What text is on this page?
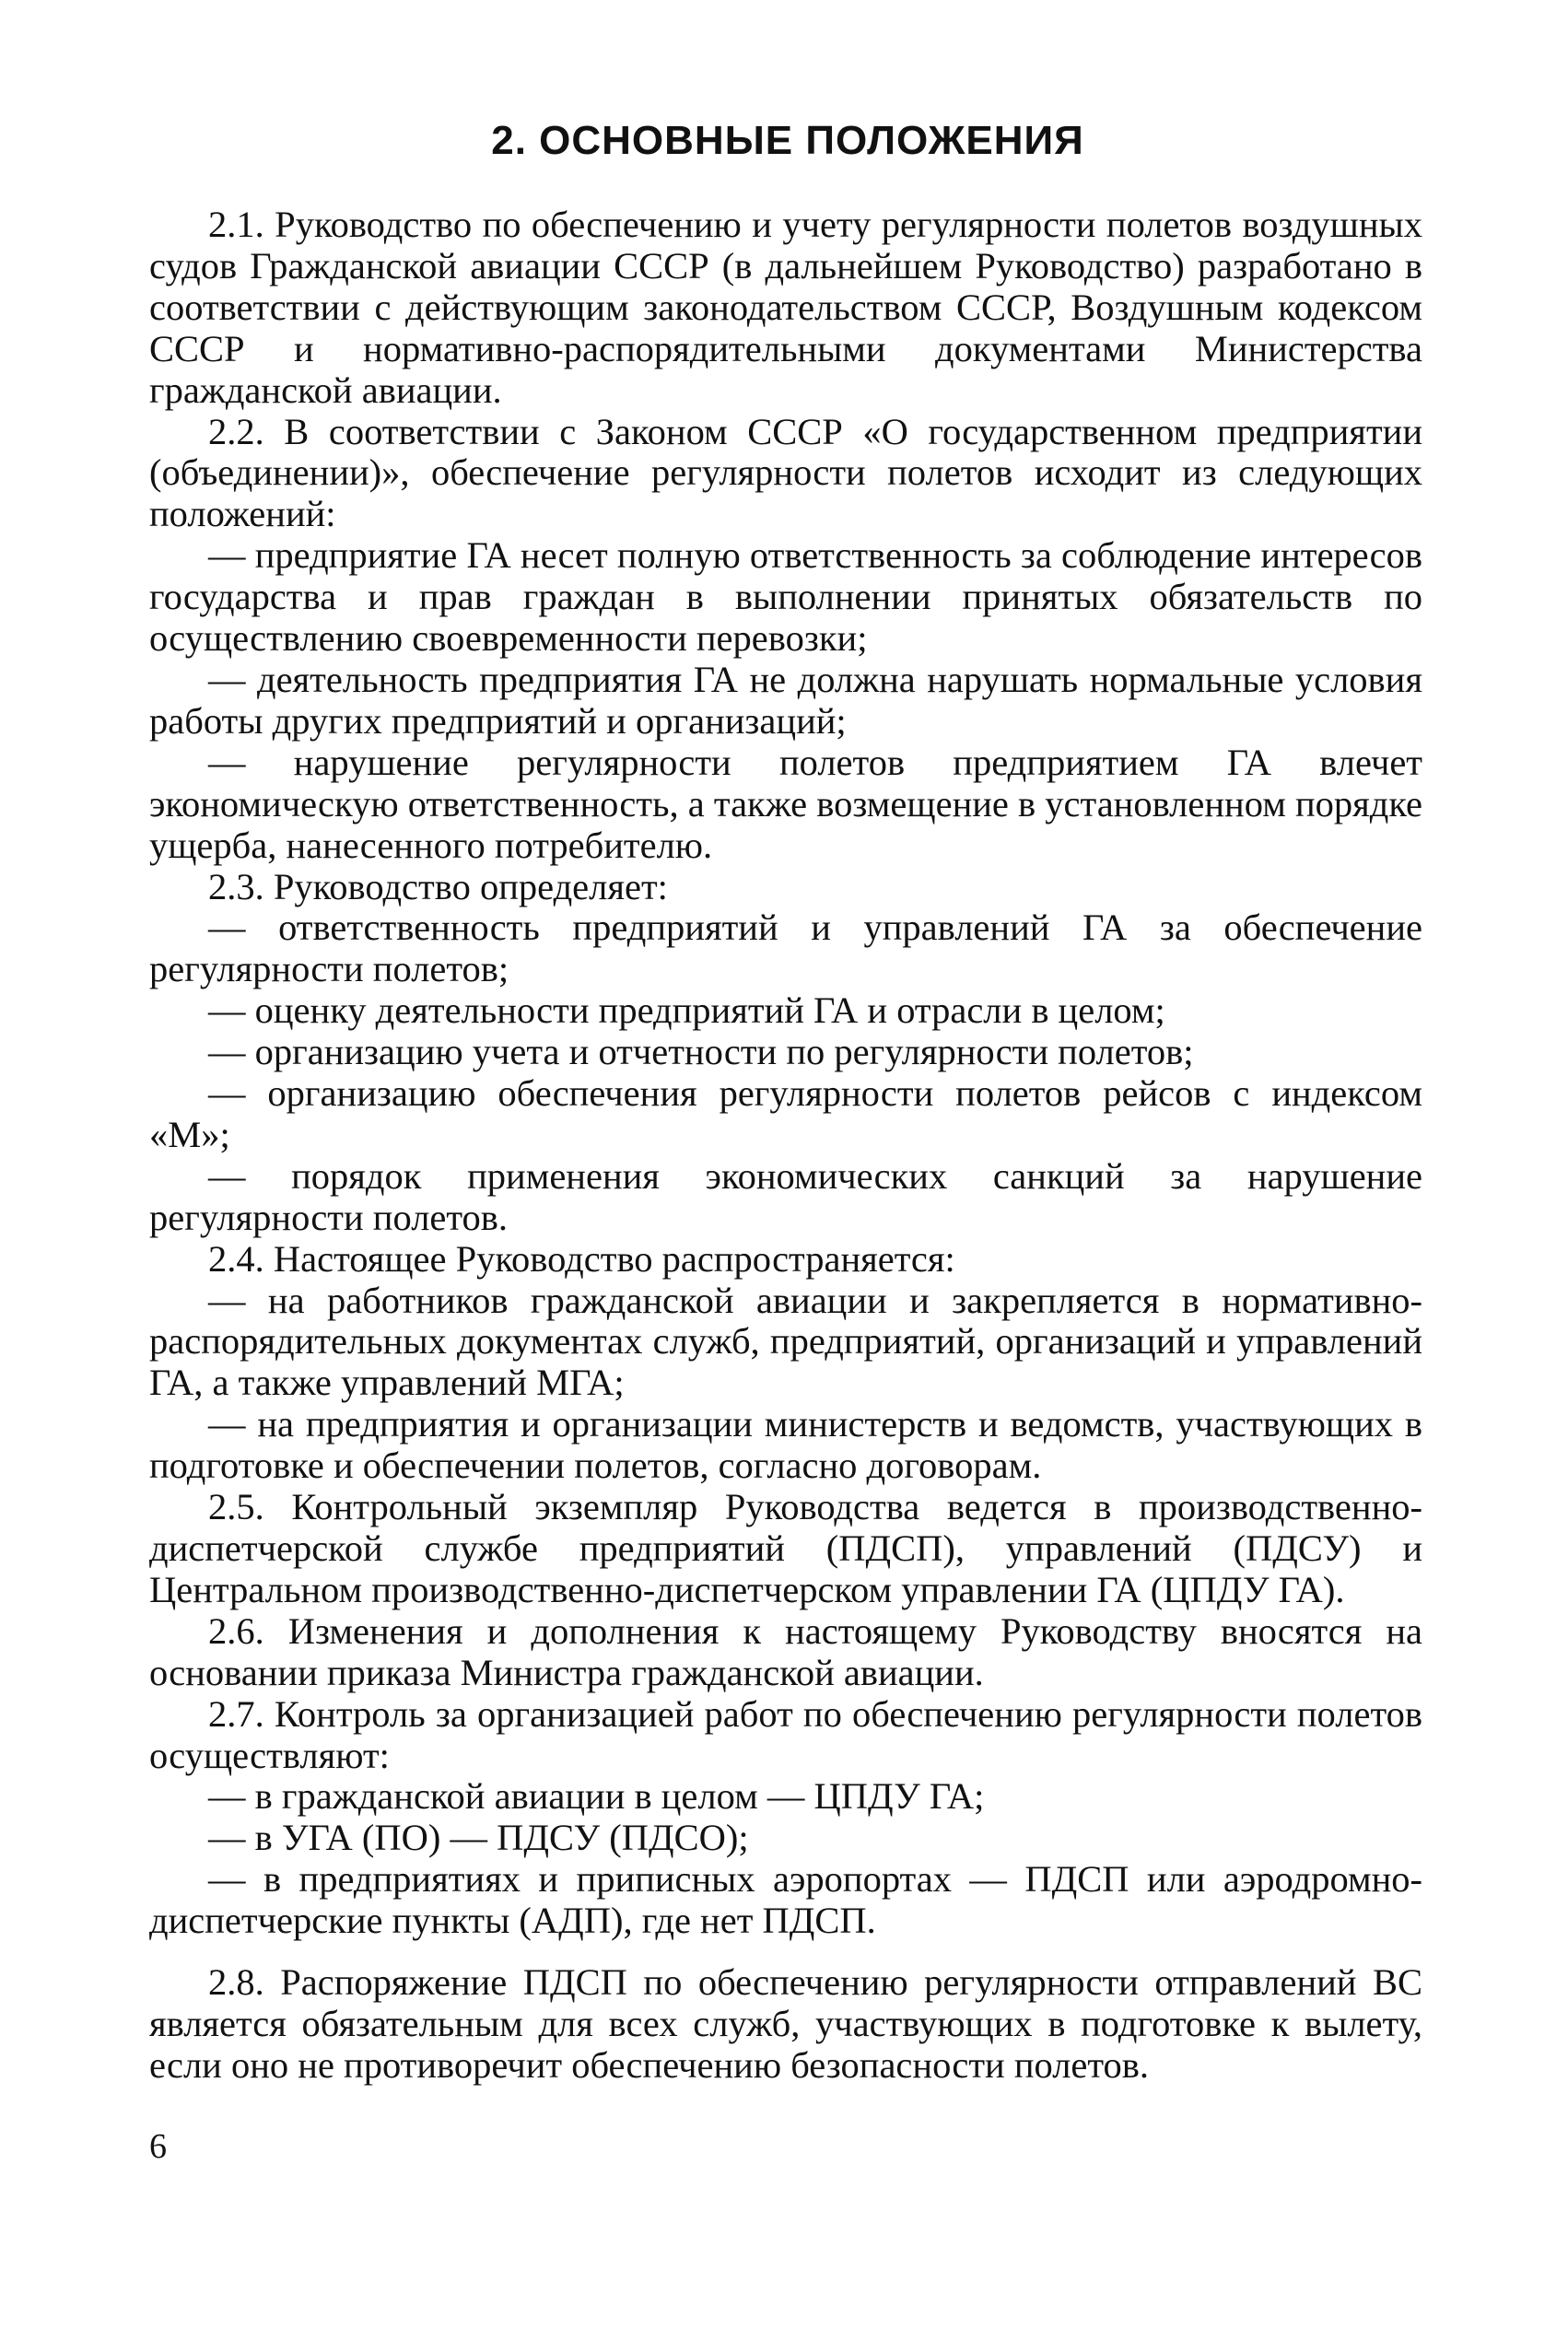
2. ОСНОВНЫЕ ПОЛОЖЕНИЯ

2.1. Руководство по обеспечению и учету регулярности полетов воздушных судов Гражданской авиации СССР (в дальнейшем Руководство) разработано в соответствии с действующим законодательством СССР, Воздушным кодексом СССР и нормативно-распорядительными документами Министерства гражданской авиации.

2.2. В соответствии с Законом СССР «О государственном предприятии (объединении)», обеспечение регулярности полетов исходит из следующих положений:

— предприятие ГА несет полную ответственность за соблюдение интересов государства и прав граждан в выполнении принятых обязательств по осуществлению своевременности перевозки;

— деятельность предприятия ГА не должна нарушать нормальные условия работы других предприятий и организаций;

— нарушение регулярности полетов предприятием ГА влечет экономическую ответственность, а также возмещение в установленном порядке ущерба, нанесенного потребителю.

2.3. Руководство определяет:

— ответственность предприятий и управлений ГА за обеспечение регулярности полетов;

— оценку деятельности предприятий ГА и отрасли в целом;

— организацию учета и отчетности по регулярности полетов;

— организацию обеспечения регулярности полетов рейсов с индексом «М»;

— порядок применения экономических санкций за нарушение регулярности полетов.

2.4. Настоящее Руководство распространяется:

— на работников гражданской авиации и закрепляется в нормативно-распорядительных документах служб, предприятий, организаций и управлений ГА, а также управлений МГА;

— на предприятия и организации министерств и ведомств, участвующих в подготовке и обеспечении полетов, согласно договорам.

2.5. Контрольный экземпляр Руководства ведется в производственно-диспетчерской службе предприятий (ПДСП), управлений (ПДСУ) и Центральном производственно-диспетчерском управлении ГА (ЦПДУ ГА).

2.6. Изменения и дополнения к настоящему Руководству вносятся на основании приказа Министра гражданской авиации.

2.7. Контроль за организацией работ по обеспечению регулярности полетов осуществляют:

— в гражданской авиации в целом — ЦПДУ ГА;

— в УГА (ПО) — ПДСУ (ПДСО);

— в предприятиях и приписных аэропортах — ПДСП или аэродромно-диспетчерские пункты (АДП), где нет ПДСП.

2.8. Распоряжение ПДСП по обеспечению регулярности отправлений ВС является обязательным для всех служб, участвующих в подготовке к вылету, если оно не противоречит обеспечению безопасности полетов.

6
